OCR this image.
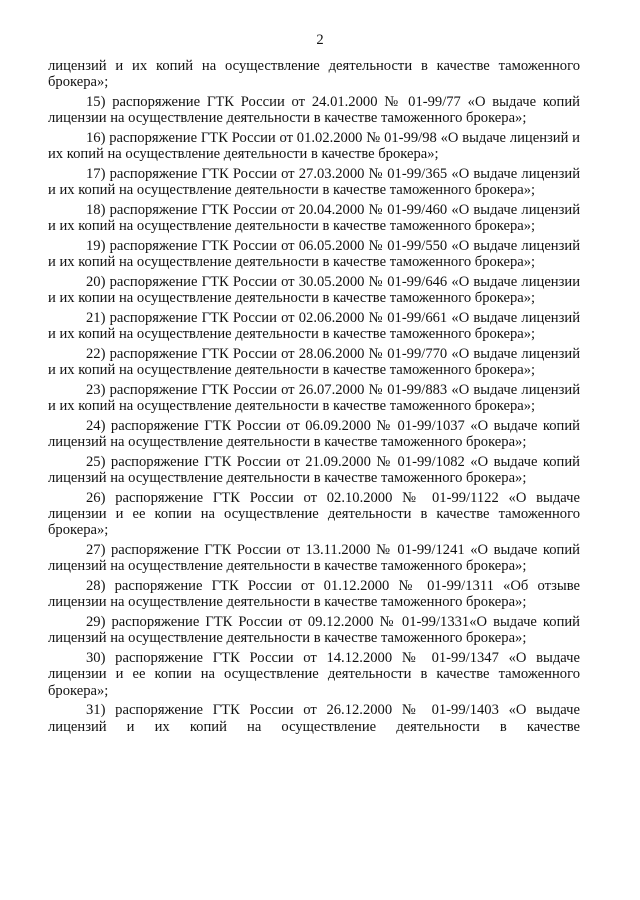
2

лицензий и их копий на осуществление деятельности в качестве таможенного брокера»;

15) распоряжение ГТК России от 24.01.2000 № 01-99/77 «О выдаче копий лицензии на осуществление деятельности в качестве таможенного брокера»;

16) распоряжение ГТК России от 01.02.2000 № 01-99/98 «О выдаче лицензий и их копий на осуществление деятельности в качестве брокера»;

17) распоряжение ГТК России от 27.03.2000 № 01-99/365 «О выдаче лицензий и их копий на осуществление деятельности в качестве таможенного брокера»;

18) распоряжение ГТК России от 20.04.2000 № 01-99/460 «О выдаче лицензий и их копий на осуществление деятельности в качестве таможенного брокера»;

19) распоряжение ГТК России от 06.05.2000 № 01-99/550 «О выдаче лицензий и их копий на осуществление деятельности в качестве таможенного брокера»;

20) распоряжение ГТК России от 30.05.2000 № 01-99/646 «О выдаче лицензии и их копии на осуществление деятельности в качестве таможенного брокера»;

21) распоряжение ГТК России от 02.06.2000 № 01-99/661 «О выдаче лицензий и их копий на осуществление деятельности в качестве таможенного брокера»;

22) распоряжение ГТК России от 28.06.2000 № 01-99/770 «О выдаче лицензий и их копий на осуществление деятельности в качестве таможенного брокера»;

23) распоряжение ГТК России от 26.07.2000 № 01-99/883 «О выдаче лицензий и их копий на осуществление деятельности в качестве таможенного брокера»;

24) распоряжение ГТК России от 06.09.2000 № 01-99/1037 «О выдаче копий лицензий на осуществление деятельности в качестве таможенного брокера»;

25) распоряжение ГТК России от 21.09.2000 № 01-99/1082 «О выдаче копий лицензий на осуществление деятельности в качестве таможенного брокера»;

26) распоряжение ГТК России от 02.10.2000 № 01-99/1122 «О выдаче лицензии и ее копии на осуществление деятельности в качестве таможенного брокера»;

27) распоряжение ГТК России от 13.11.2000 № 01-99/1241 «О выдаче копий лицензий на осуществление деятельности в качестве таможенного брокера»;

28) распоряжение ГТК России от 01.12.2000 № 01-99/1311 «Об отзыве лицензии на осуществление деятельности в качестве таможенного брокера»;

29) распоряжение ГТК России от 09.12.2000 № 01-99/1331«О выдаче копий лицензий на осуществление деятельности в качестве таможенного брокера»;

30) распоряжение ГТК России от 14.12.2000 № 01-99/1347 «О выдаче лицензии и ее копии на осуществление деятельности в качестве таможенного брокера»;

31) распоряжение ГТК России от 26.12.2000 № 01-99/1403 «О выдаче лицензий и их копий на осуществление деятельности в качестве
